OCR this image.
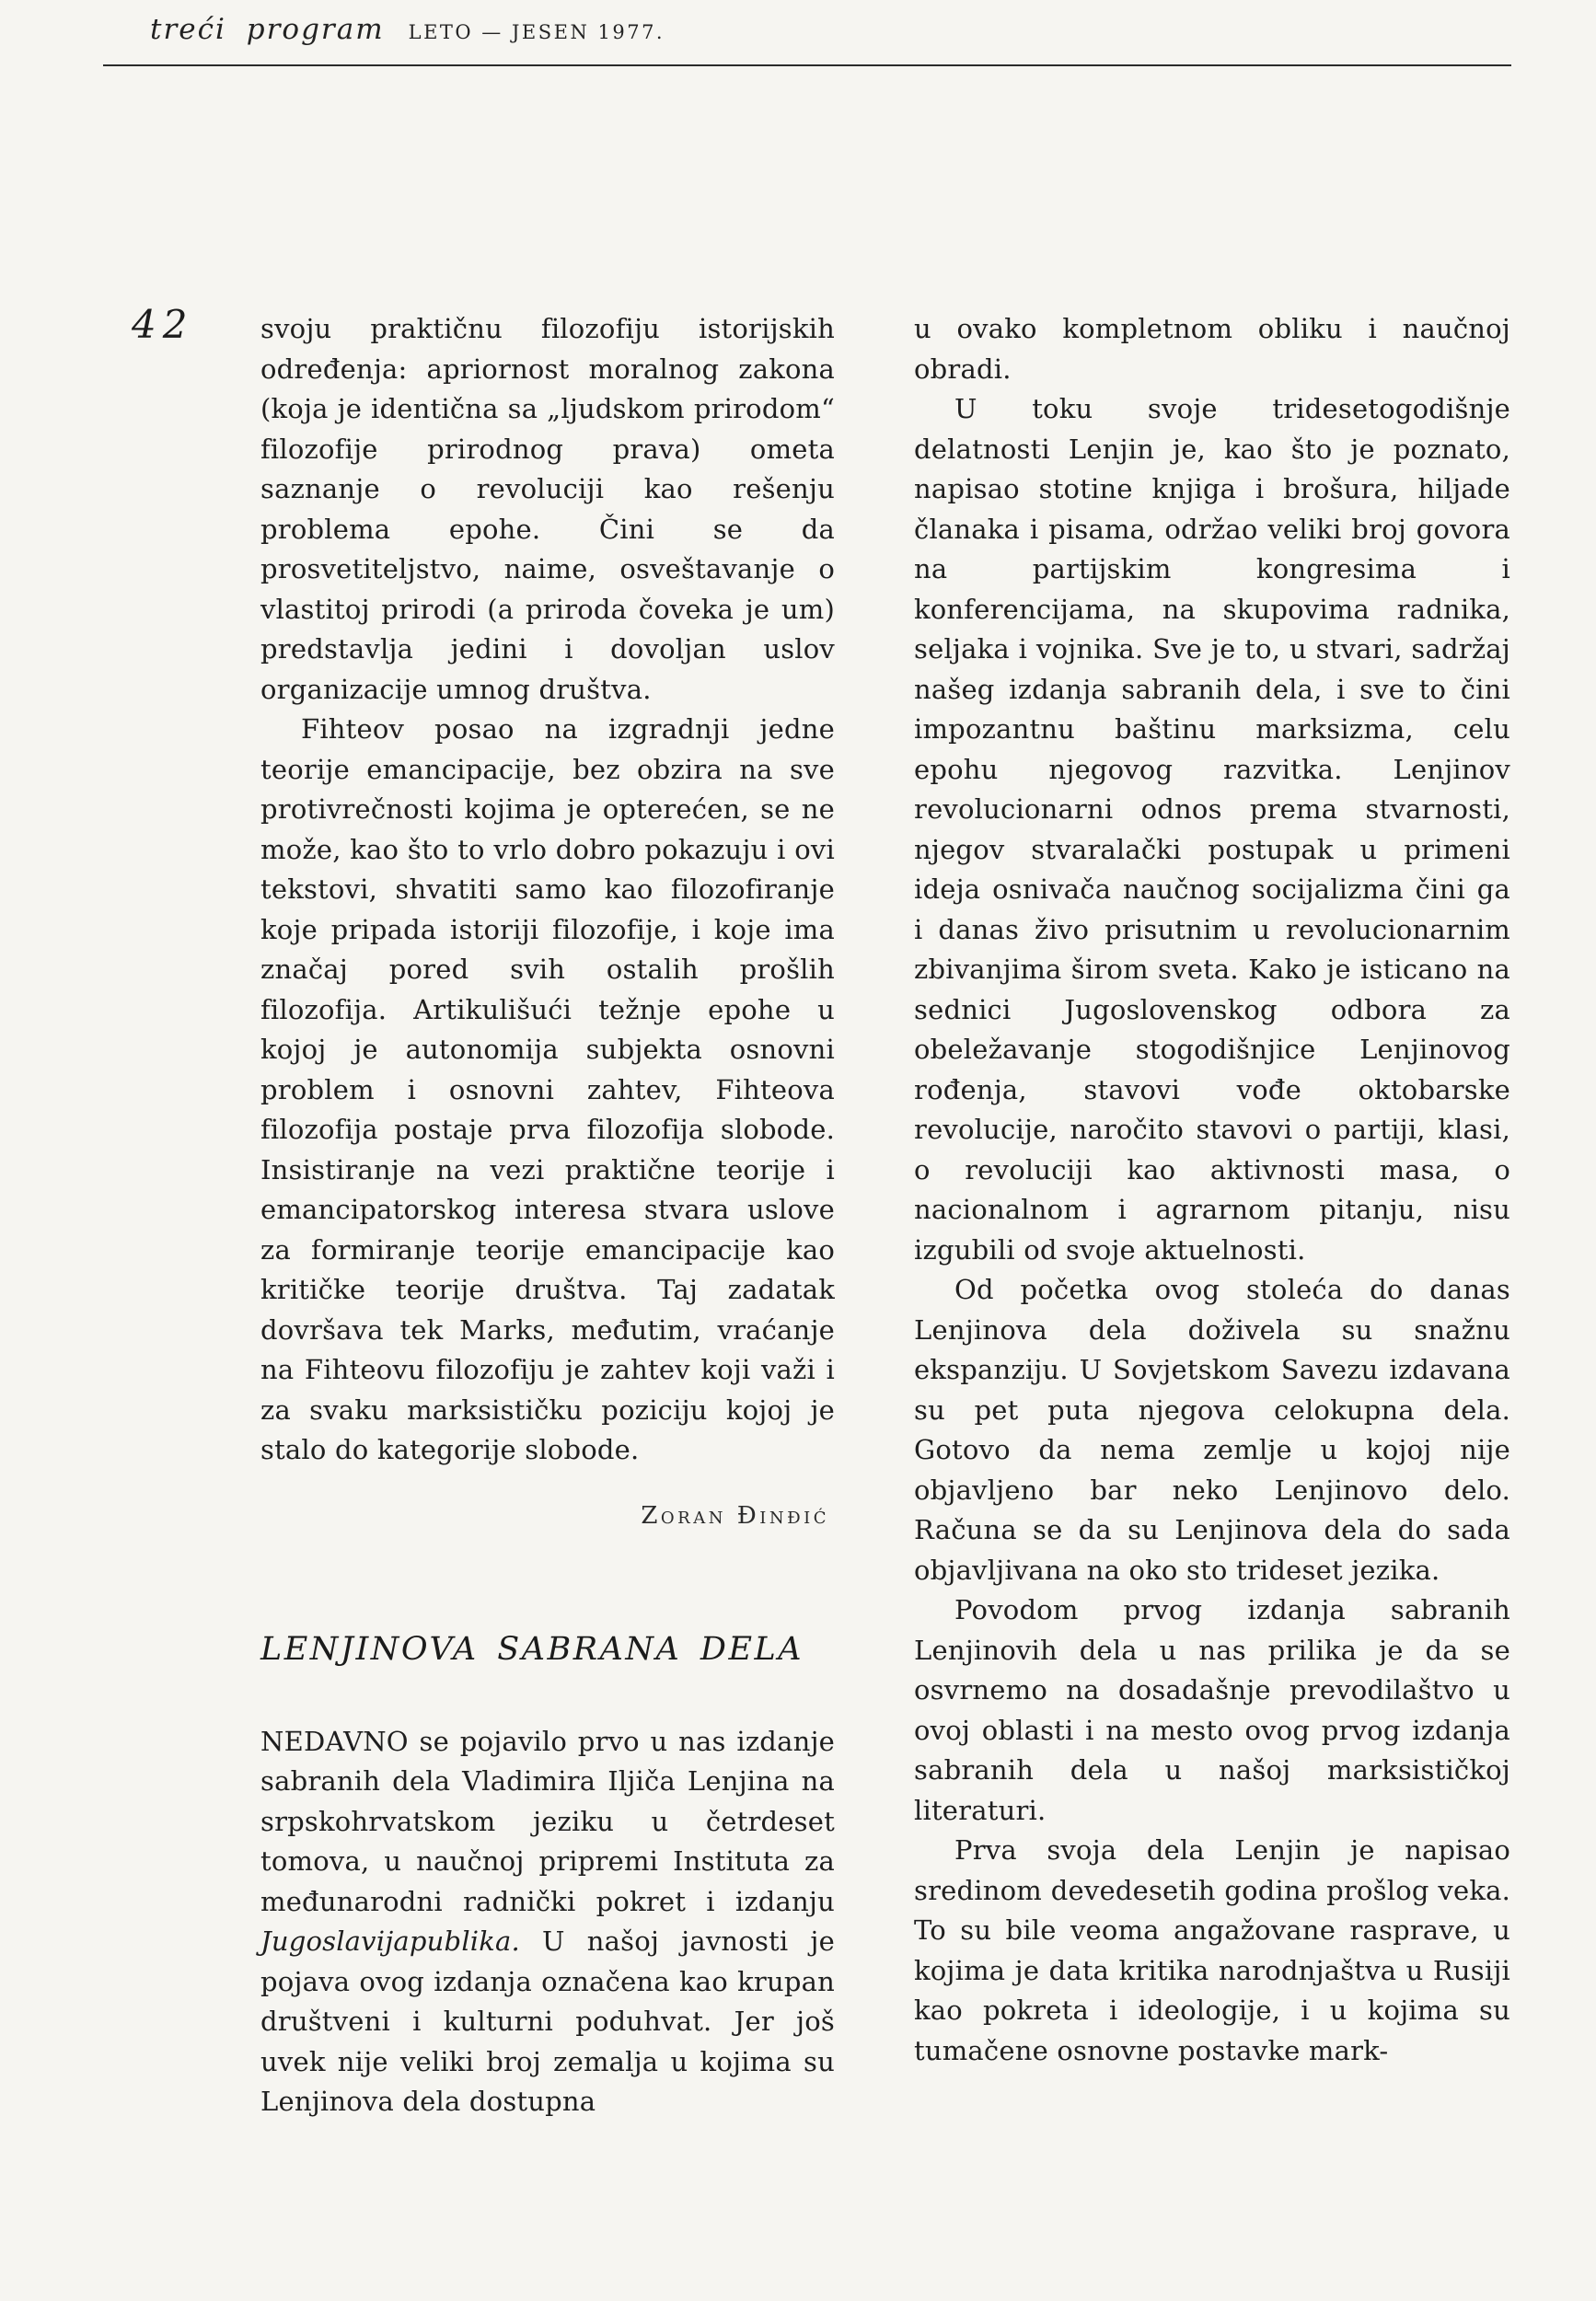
treći program LETO — JESEN 1977.
42	svoju praktičnu filozofiju istorijskih određenja: apriornost moralnog zakona (koja je identična sa „ljudskom prirodom“ filozofije prirodnog prava) ometa saznanje o revoluciji kao rešenju problema epohe. Čini se da prosvetiteljstvo, naime, osveštavanje o vlastitoj prirodi (a priroda čoveka je um) predstavlja jedini i dovoljan uslov organizacije umnog društva.

Fihteov posao na izgradnji jedne teorije emancipacije, bez obzira na sve protivrečnosti kojima je opterećen, se ne može, kao što to vrlo dobro pokazuju i ovi tekstovi, shvatiti samo kao filozofiranje koje pripada istoriji filozofije, i koje ima značaj pored svih ostalih prošlih filozofija. Artikulišući težnje epohe u kojoj je autonomija subjekta osnovni problem i osnovni zahtev, Fihteova filozofija postaje prva filozofija slobode. Insistiranje na vezi praktične teorije i emancipatorskog interesa stvara uslove za formiranje teorije emancipacije kao kritičke teorije društva. Taj zadatak dovršava tek Marks, međutim, vraćanje na Fihteovu filozofiju je zahtev koji važi i za svaku marksističku poziciju kojoj je stalo do kategorije slobode.

Zoran Đinđić
LENJINOVA SABRANA DELA

NEDAVNO se pojavilo prvo u nas izdanje sabranih dela Vladimira Iljiča Lenjina na srpskohrvatskom jeziku u četrdeset tomova, u naučnoj pripremi Instituta za međunarodni radnički pokret i izdanju Jugoslavijapublika. U našoj javnosti je pojava ovog izdanja označena kao krupan društveni i kulturni poduhvat. Jer još uvek nije veliki broj zemalja u kojima su Lenjinova dela dostupna

u ovako kompletnom obliku i naučnoj obradi.

U toku svoje tridesetogodišnje delatnosti Lenjin je, kao što je poznato, napisao stotine knjiga i brošura, hiljade članaka i pisama, održao veliki broj govora na partijskim kongresima i konferencijama, na skupovima radnika, seljaka i vojnika. Sve je to, u stvari, sadržaj našeg izdanja sabranih dela, i sve to čini impozantnu baštinu marksizma, celu epohu njegovog razvitka. Lenjinov revolucionarni odnos prema stvarnosti, njegov stvaralački postupak u primeni ideja osnivača naučnog socijalizma čini ga i danas živo prisutnim u revolucionarnim zbivanjima širom sveta. Kako je isticano na sednici Jugoslovenskog odbora za obeležavanje stogodišnjice Lenjinovog rođenja, stavovi vođe oktobarske revolucije, naročito stavovi o partiji, klasi, o revoluciji kao aktivnosti masa, o nacionalnom i agrarnom pitanju, nisu izgubili od svoje aktuelnosti.

Od početka ovog stoleća do danas Lenjinova dela doživela su snažnu ekspanziju. U Sovjetskom Savezu izdavana su pet puta njegova celokupna dela. Gotovo da nema zemlje u kojoj nije objavljeno bar neko Lenjinovo delo. Računa se da su Lenjinova dela do sada objavljivana na oko sto trideset jezika.

Povodom prvog izdanja sabranih Lenjinovih dela u nas prilika je da se osvrnemo na dosadašnje prevodilaštvo u ovoj oblasti i na mesto ovog prvog izdanja sabranih dela u našoj marksističkoj literaturi.

Prva svoja dela Lenjin je napisao sredinom devedesetih godina prošlog veka. To su bile veoma angažovane rasprave, u kojima je data kritika narodnjaštva u Rusiji kao pokreta i ideologije, i u kojima su tumačene osnovne postavke mark-
